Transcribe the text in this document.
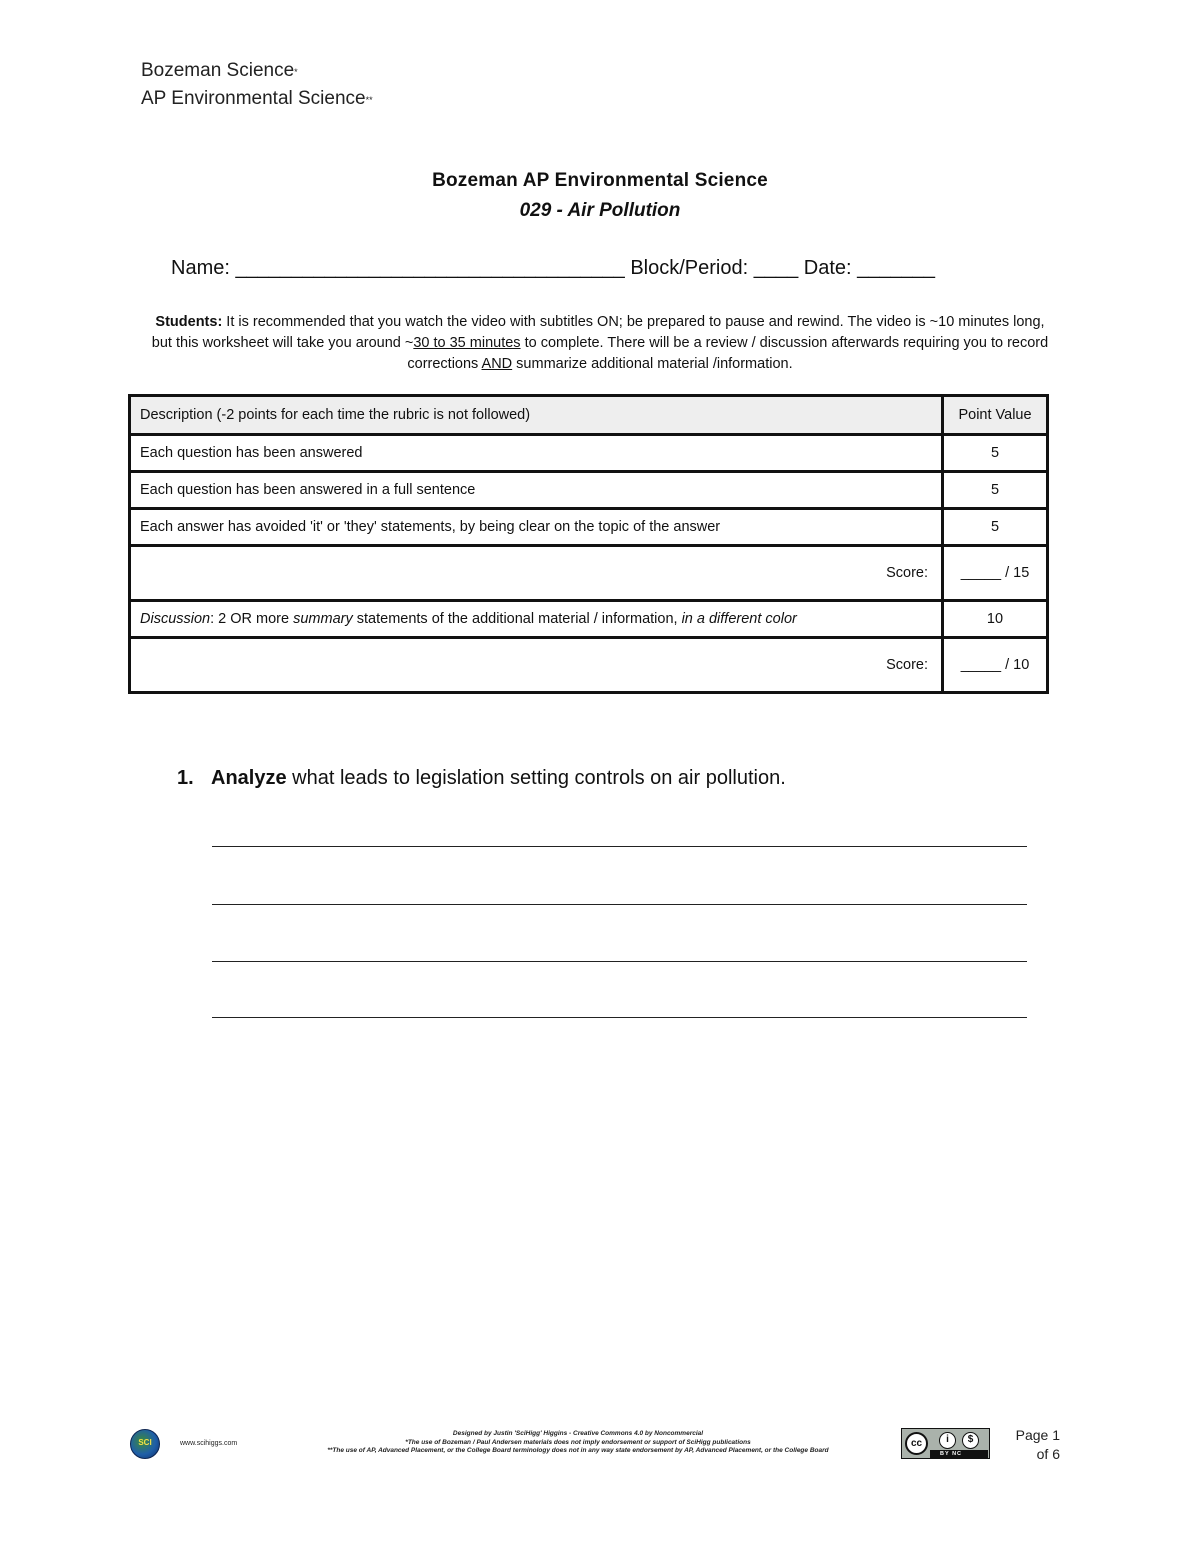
Bozeman Science*
AP Environmental Science**
Bozeman AP Environmental Science
029 - Air Pollution
Name: ___________________________________ Block/Period: ____ Date: _______
Students: It is recommended that you watch the video with subtitles ON; be prepared to pause and rewind. The video is ~10 minutes long, but this worksheet will take you around ~30 to 35 minutes to complete. There will be a review / discussion afterwards requiring you to record corrections AND summarize additional material /information.
Description (-2 points for each time the rubric is not followed)	Point Value
Each question has been answered	5
Each question has been answered in a full sentence	5
Each answer has avoided 'it' or 'they' statements, by being clear on the topic of the answer	5
Score:	_____ / 15
Discussion: 2 OR more summary statements of the additional material / information, in a different color	10
Score:	_____ / 10
1. Analyze what leads to legislation setting controls on air pollution.
SCI	www.scihiggs.com
Designed by Justin 'SciHigg' Higgins - Creative Commons 4.0 by Noncommercial
*The use of Bozeman / Paul Andersen materials does not imply endorsement or support of SciHigg publications
**The use of AP, Advanced Placement, or the College Board terminology does not in any way state endorsement by AP, Advanced Placement, or the College Board
cc	i	$
BY NC
Page 1
of 6
